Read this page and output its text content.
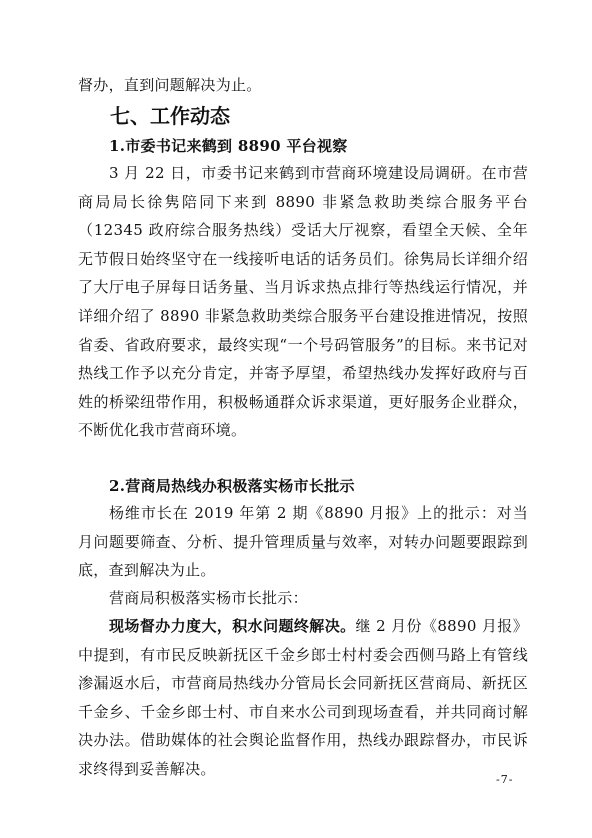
督办，直到问题解决为止。

七、工作动态
1.市委书记来鹤到 8890 平台视察

3 月 22 日，市委书记来鹤到市营商环境建设局调研。在市营商局局长徐隽陪同下来到 8890 非紧急救助类综合服务平台（12345 政府综合服务热线）受话大厅视察，看望全天候、全年无节假日始终坚守在一线接听电话的话务员们。徐隽局长详细介绍了大厅电子屏每日话务量、当月诉求热点排行等热线运行情况，并详细介绍了 8890 非紧急救助类综合服务平台建设推进情况，按照省委、省政府要求，最终实现“一个号码管服务”的目标。来书记对热线工作予以充分肯定，并寄予厚望，希望热线办发挥好政府与百姓的桥梁纽带作用，积极畅通群众诉求渠道，更好服务企业群众，不断优化我市营商环境。

2.营商局热线办积极落实杨市长批示

杨维市长在 2019 年第 2 期《8890 月报》上的批示：对当月问题要筛查、分析、提升管理质量与效率，对转办问题要跟踪到底，查到解决为止。

营商局积极落实杨市长批示：

现场督办力度大，积水问题终解决。继 2 月份《8890 月报》中提到，有市民反映新抚区千金乡郎士村村委会西侧马路上有管线渗漏返水后，市营商局热线办分管局长会同新抚区营商局、新抚区千金乡、千金乡郎士村、市自来水公司到现场查看，并共同商讨解决办法。借助媒体的社会舆论监督作用，热线办跟踪督办，市民诉求终得到妥善解决。

-7-
